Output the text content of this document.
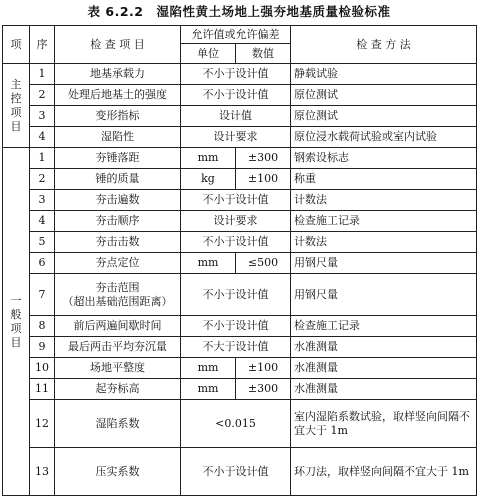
表 6.2.2　湿陷性黄土场地上强夯地基质量检验标准
项	序	检 查 项 目	允许值或允许偏差		检 查 方 法
			单位	数值	
主
控
项
目	1	地基承载力	不小于设计值		静载试验
	2	处理后地基土的强度	不小于设计值		原位测试
	3	变形指标	设计值		原位测试
	4	湿陷性	设计要求		原位浸水载荷试验或室内试验
一
般
项
目	1	夯锤落距	mm	±300	钢索设标志
	2	锤的质量	kg	±100	称重
	3	夯击遍数	不小于设计值		计数法
	4	夯击顺序	设计要求		检查施工记录
	5	夯击击数	不小于设计值		计数法
	6	夯点定位	mm	≤500	用钢尺量
	7	夯击范围
（超出基础范围距离）	不小于设计值		用钢尺量
	8	前后两遍间歇时间	不小于设计值		检查施工记录
	9	最后两击平均夯沉量	不大于设计值		水准测量
	10	场地平整度	mm	±100	水准测量
	11	起夯标高	mm	±300	水准测量
	12	湿陷系数	<0.015		室内湿陷系数试验，取样竖向间隔不宜大于 1m
	13	压实系数	不小于设计值		环刀法，取样竖向间隔不宜大于 1m
